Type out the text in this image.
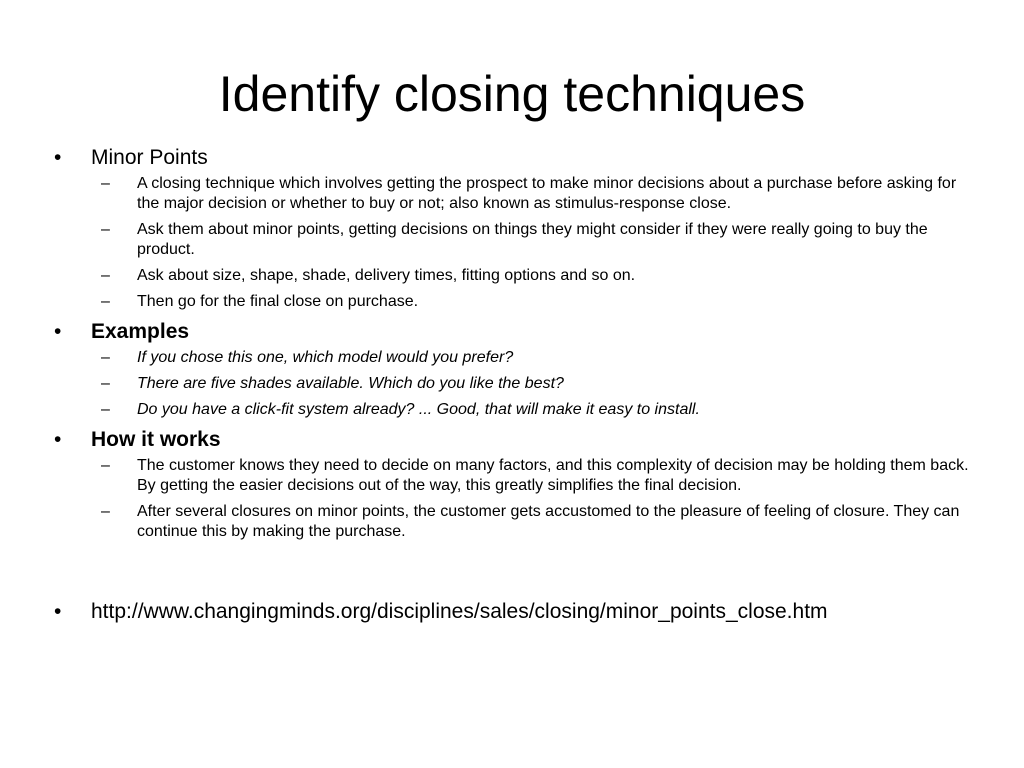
Identify closing techniques
• Minor Points
– A closing technique which involves getting the prospect to make minor decisions about a purchase before asking for the major decision or whether to buy or not; also known as stimulus-response close.
– Ask them about minor points, getting decisions on things they might consider if they were really going to buy the product.
– Ask about size, shape, shade, delivery times, fitting options and so on.
– Then go for the final close on purchase.
• Examples
– If you chose this one, which model would you prefer?
– There are five shades available. Which do you like the best?
– Do you have a click-fit system already? ... Good, that will make it easy to install.
• How it works
– The customer knows they need to decide on many factors, and this complexity of decision may be holding them back. By getting the easier decisions out of the way, this greatly simplifies the final decision.
– After several closures on minor points, the customer gets accustomed to the pleasure of feeling of closure. They can continue this by making the purchase.
• http://www.changingminds.org/disciplines/sales/closing/minor_points_close.htm
